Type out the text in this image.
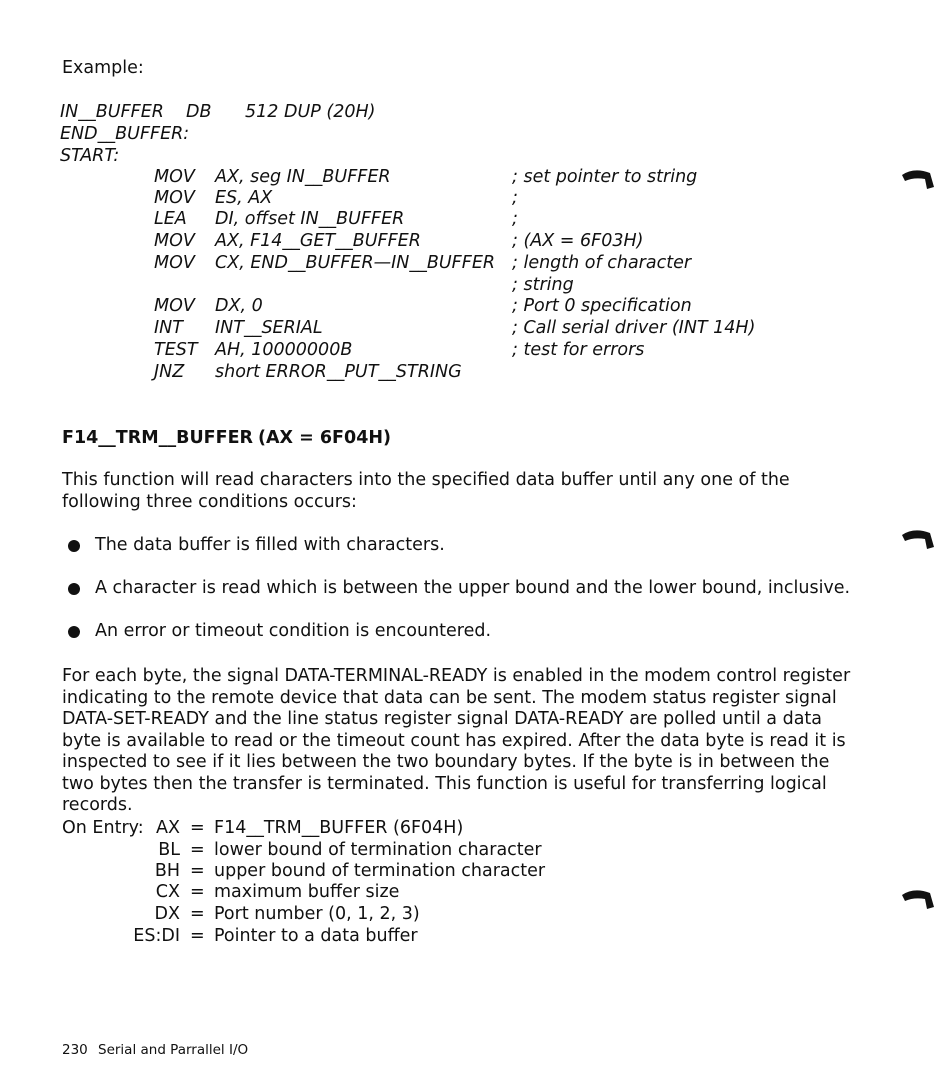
Example:
IN__BUFFER DB 512 DUP (20H)
END__BUFFER:
START:
MOV AX, seg IN__BUFFER	; set pointer to string
MOV ES, AX	;
LEA DI, offset IN__BUFFER	;
MOV AX, F14__GET__BUFFER	; (AX = 6F03H)
MOV CX, END__BUFFER—IN__BUFFER ; length of character
; string
MOV DX, 0	; Port 0 specification
INT INT__SERIAL	; Call serial driver (INT 14H)
TEST AH, 10000000B	; test for errors
JNZ short ERROR__PUT__STRING
F14__TRM__BUFFER (AX = 6F04H)
This function will read characters into the specified data buffer until any one of the following three conditions occurs:
The data buffer is filled with characters.
A character is read which is between the upper bound and the lower bound, inclusive.
An error or timeout condition is encountered.
For each byte, the signal DATA-TERMINAL-READY is enabled in the modem control register indicating to the remote device that data can be sent. The modem status register signal DATA-SET-READY and the line status register signal DATA-READY are polled until a data byte is available to read or the timeout count has expired. After the data byte is read it is inspected to see if it lies between the two boundary bytes. If the byte is in between the two bytes then the transfer is terminated. This function is useful for transferring logical records.
On Entry: AX = F14__TRM__BUFFER (6F04H)
BL = lower bound of termination character
BH = upper bound of termination character
CX = maximum buffer size
DX = Port number (0, 1, 2, 3)
ES:DI = Pointer to a data buffer
230 Serial and Parrallel I/O
